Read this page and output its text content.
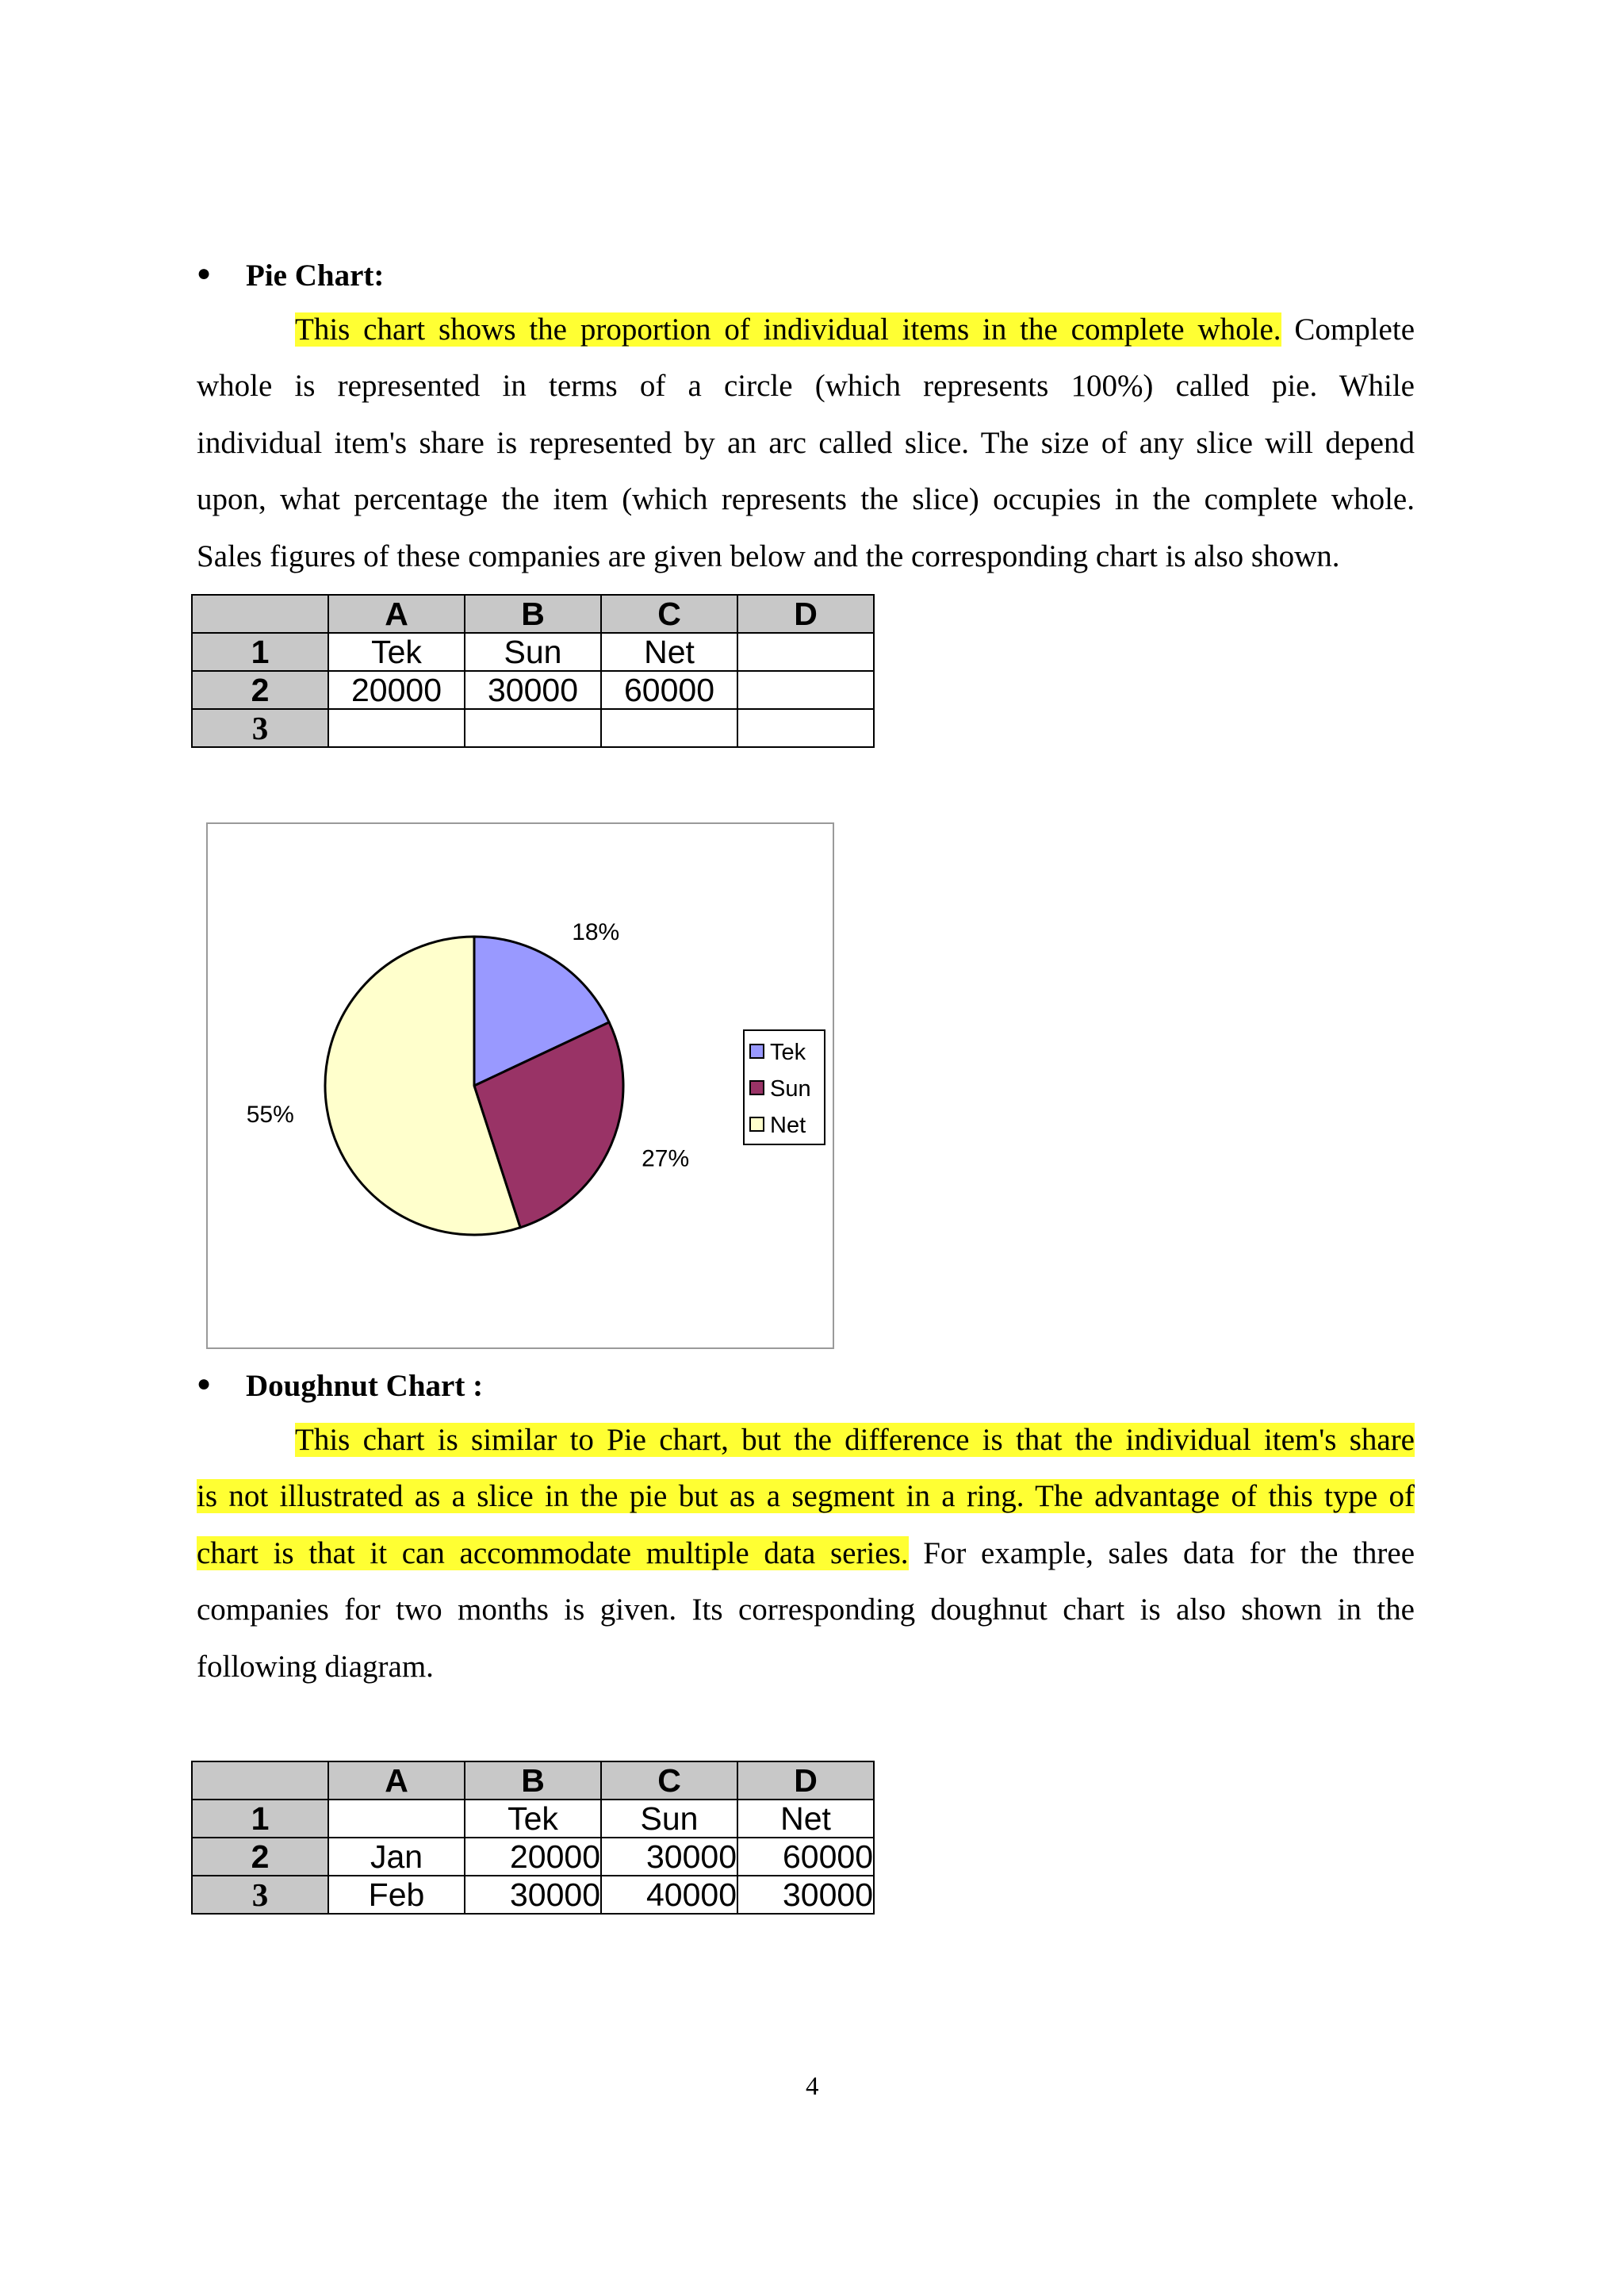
● Pie Chart:
This chart shows the proportion of individual items in the complete whole. Complete
whole is represented in terms of a circle (which represents 100%) called pie. While
individual item's share is represented by an arc called slice. The size of any slice will depend
upon, what percentage the item (which represents the slice) occupies in the complete whole.
Sales figures of these companies are given below and the corresponding chart is also shown.
	A	B	C	D
1	Tek	Sun	Net	
2	20000	30000	60000	
3				
18%
27%
55%
Tek
Sun
Net
● Doughnut Chart :
This chart is similar to Pie chart, but the difference is that the individual item's share
is not illustrated as a slice in the pie but as a segment in a ring. The advantage of this type of
chart is that it can accommodate multiple data series. For example, sales data for the three
companies for two months is given. Its corresponding doughnut chart is also shown in the
following diagram.
	A	B	C	D
1		Tek	Sun	Net
2	Jan	20000	30000	60000
3	Feb	30000	40000	30000
4
